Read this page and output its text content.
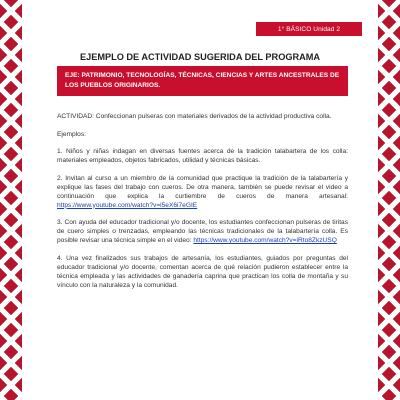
1° BÁSICO Unidad 2
EJEMPLO DE ACTIVIDAD SUGERIDA DEL PROGRAMA
EJE: PATRIMONIO, TECNOLOGÍAS, TÉCNICAS, CIENCIAS Y ARTES ANCESTRALES DE LOS PUEBLOS ORIGINARIOS.

ACTIVIDAD: Confeccionan pulseras con materiales derivados de la actividad productiva colla.

Ejemplos:

1. Niños y niñas indagan en diversas fuentes acerca de la tradición talabartera de los colla: materiales empleados, objetos fabricados, utilidad y técnicas básicas.

2. Invitan al curso a un miembro de la comunidad que practique la tradición de la talabartería y explique las fases del trabajo con cueros. De otra manera, también se puede revisar el video a continuación que explica la curtiembre de cueros de manera artesanal: https://www.youtube.com/watch?v=l5eX6i7eGIE

3. Con ayuda del educador tradicional y/o docente, los estudiantes confeccionan pulseras de tiritas de cuero simples o trenzadas, empleando las técnicas tradicionales de la talabartería colla. Es posible revisar una técnica simple en el video: https://www.youtube.com/watch?v=iRto8ZkzUSQ

4. Una vez finalizados sus trabajos de artesanía, los estudiantes, guiados por preguntas del educador tradicional y/o docente, comentan acerca de qué relación pudieron establecer entre la técnica empleada y las actividades de ganadería caprina que practican los colla de montaña y su vínculo con la naturaleza y la comunidad.
